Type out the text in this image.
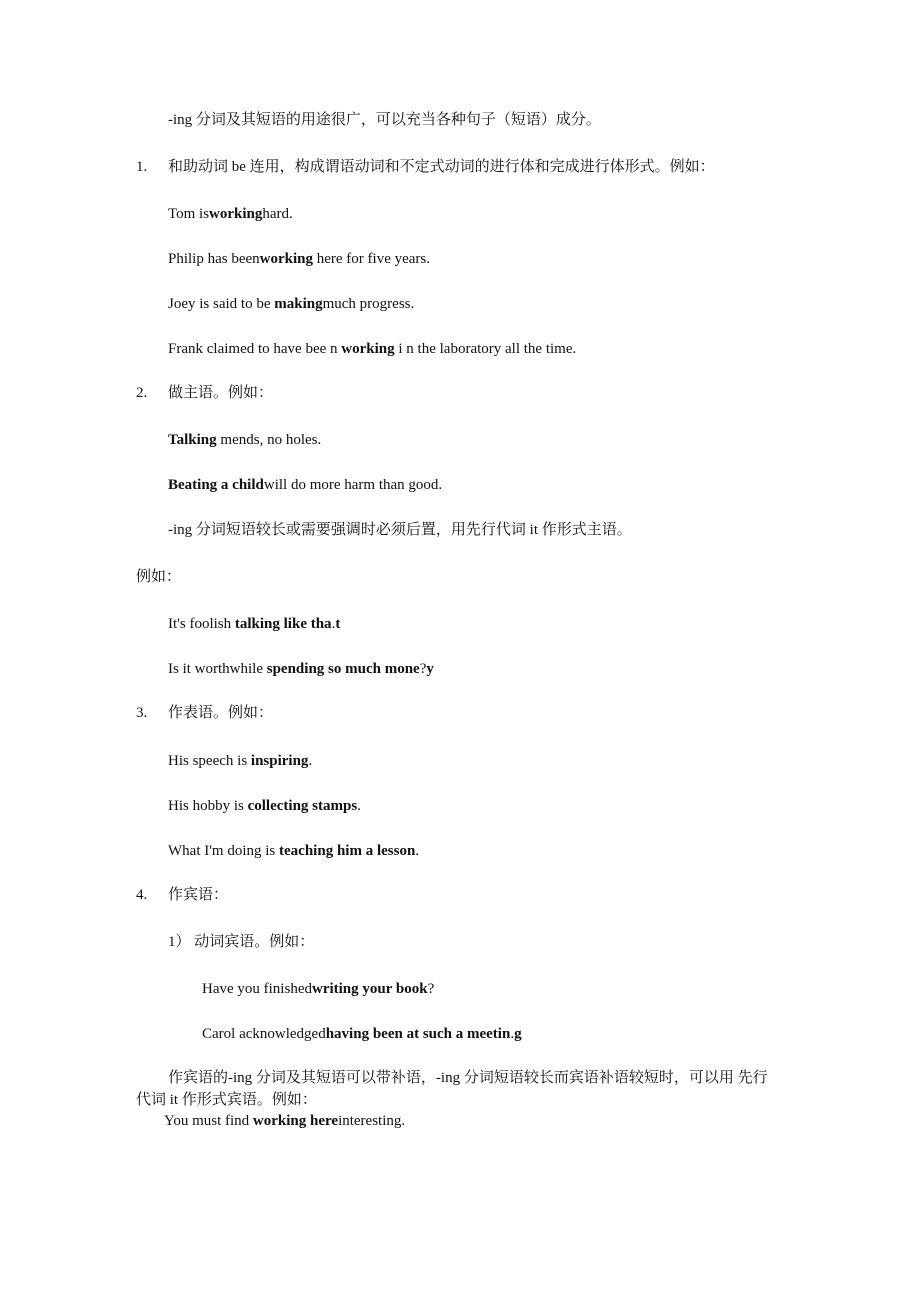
-ing 分词及其短语的用途很广，可以充当各种句子（短语）成分。
1. 和助动词 be 连用，构成谓语动词和不定式动词的进行体和完成进行体形式。例如：
Tom isworkinghard.
Philip has beenworking here for five years.
Joey is said to be makingmuch progress.
Frank claimed to have bee n working i n the laboratory all the time.
2. 做主语。例如：
Talking mends, no holes.
Beating a childwill do more harm than good.
-ing 分词短语较长或需要强调时必须后置，用先行代词 it 作形式主语。
例如：
It's foolish talking like tha.t
Is it worthwhile spending so much mone?y
3. 作表语。例如：
His speech is inspiring.
His hobby is collecting stamps.
What I'm doing is teaching him a lesson.
4. 作宾语：
1） 动词宾语。例如：
Have you finishedwriting your book?
Carol acknowledgedhaving been at such a meetin.g
作宾语的-ing 分词及其短语可以带补语，-ing 分词短语较长而宾语补语较短时，可以用 先行代词 it 作形式宾语。例如：
You must find working hereinteresting.
